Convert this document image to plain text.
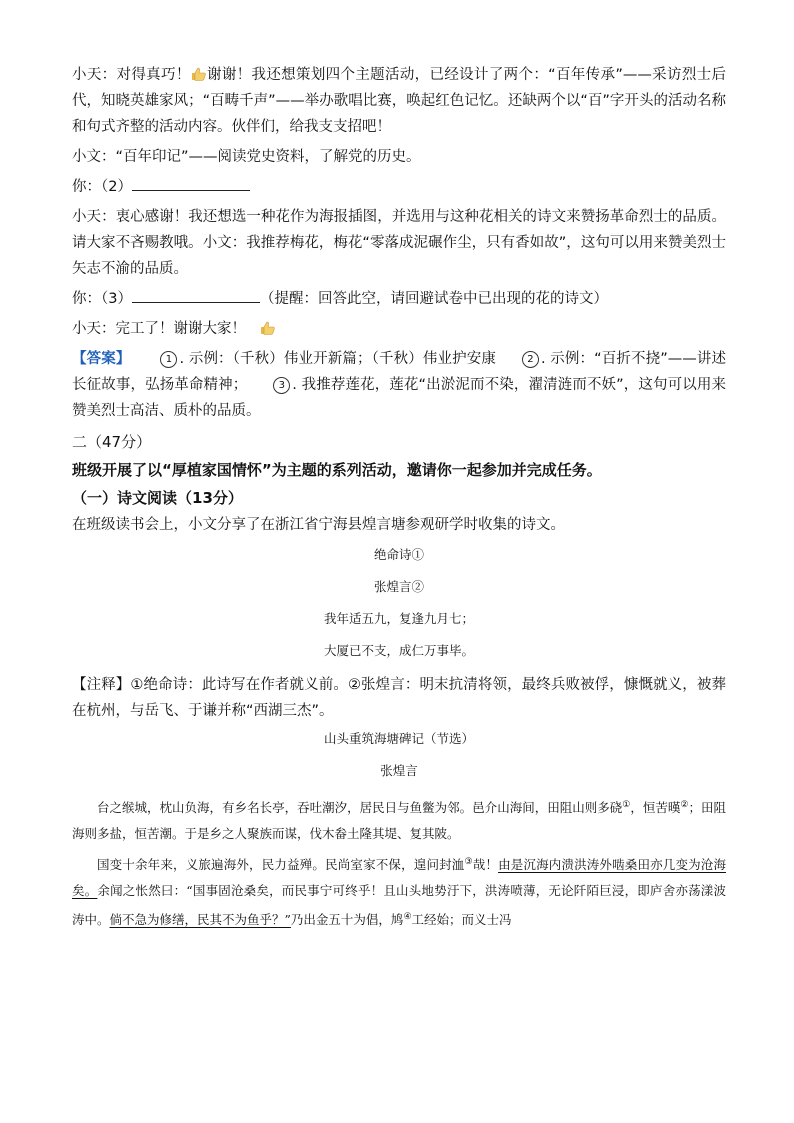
小天：对得真巧！ 谢谢！我还想策划四个主题活动，已经设计了两个：“百年传承”——采访烈士后代，知晓英雄家风；“百畴千声”——举办歌唱比赛，唤起红色记忆。还缺两个以“百”字开头的活动名称和句式齐整的活动内容。伙伴们，给我支支招吧！

小文：“百年印记”——阅读党史资料，了解党的历史。

你：（2）

小天：衷心感谢！我还想选一种花作为海报插图，并选用与这种花相关的诗文来赞扬革命烈士的品质。请大家不吝赐教哦。小文：我推荐梅花，梅花“零落成泥碾作尘，只有香如故”，这句可以用来赞美烈士矢志不渝的品质。

你：（3）	（提醒：回答此空，请回避试卷中已出现的花的诗文）

小天：完工了！谢谢大家！

【答案】	1 . 示例：（千秋）伟业开新篇；（千秋）伟业护安康	2 . 示例：“百折不挠”——讲述长征故事，弘扬革命精神；	3 . 我推荐莲花，莲花“出淤泥而不染，濯清涟而不妖”，这句可以用来赞美烈士高洁、质朴的品质。

二（47分）

班级开展了以“厚植家国情怀”为主题的系列活动，邀请你一起参加并完成任务。

（一）诗文阅读（13分）

在班级读书会上，小文分享了在浙江省宁海县煌言塘参观研学时收集的诗文。

绝命诗①
张煌言②
我年适五九，复逢九月七；
大厦已不支，成仁万事毕。

【注释】①绝命诗：此诗写在作者就义前。②张煌言：明末抗清将领，最终兵败被俘，慷慨就义，被葬在杭州，与岳飞、于谦并称“西湖三杰”。

山头重筑海塘碑记（节选）
张煌言

台之缑城，枕山负海，有乡名长亭，吞吐潮汐，居民日与鱼鳖为邻。邑介山海间，田阻山则多硗①，恒苦暵②；田阻海则多盐，恒苦潮。于是乡之人聚族而谋，伐木畚土隆其堤、复其陂。

国变十余年来，义旅遍海外，民力益殚。民尚室家不保，遑问封洫③哉！由是沉海内溃洪涛外啮桑田亦几变为沧海矣。余闻之怅然曰：“国事固沧桑矣，而民事宁可终乎！且山头地势汙下，洪涛喷薄，无论阡陌巨浸，即庐舍亦荡漾波涛中。倘不急为修缮，民其不为鱼乎？”乃出金五十为倡，鸠④工经始；而义士冯
